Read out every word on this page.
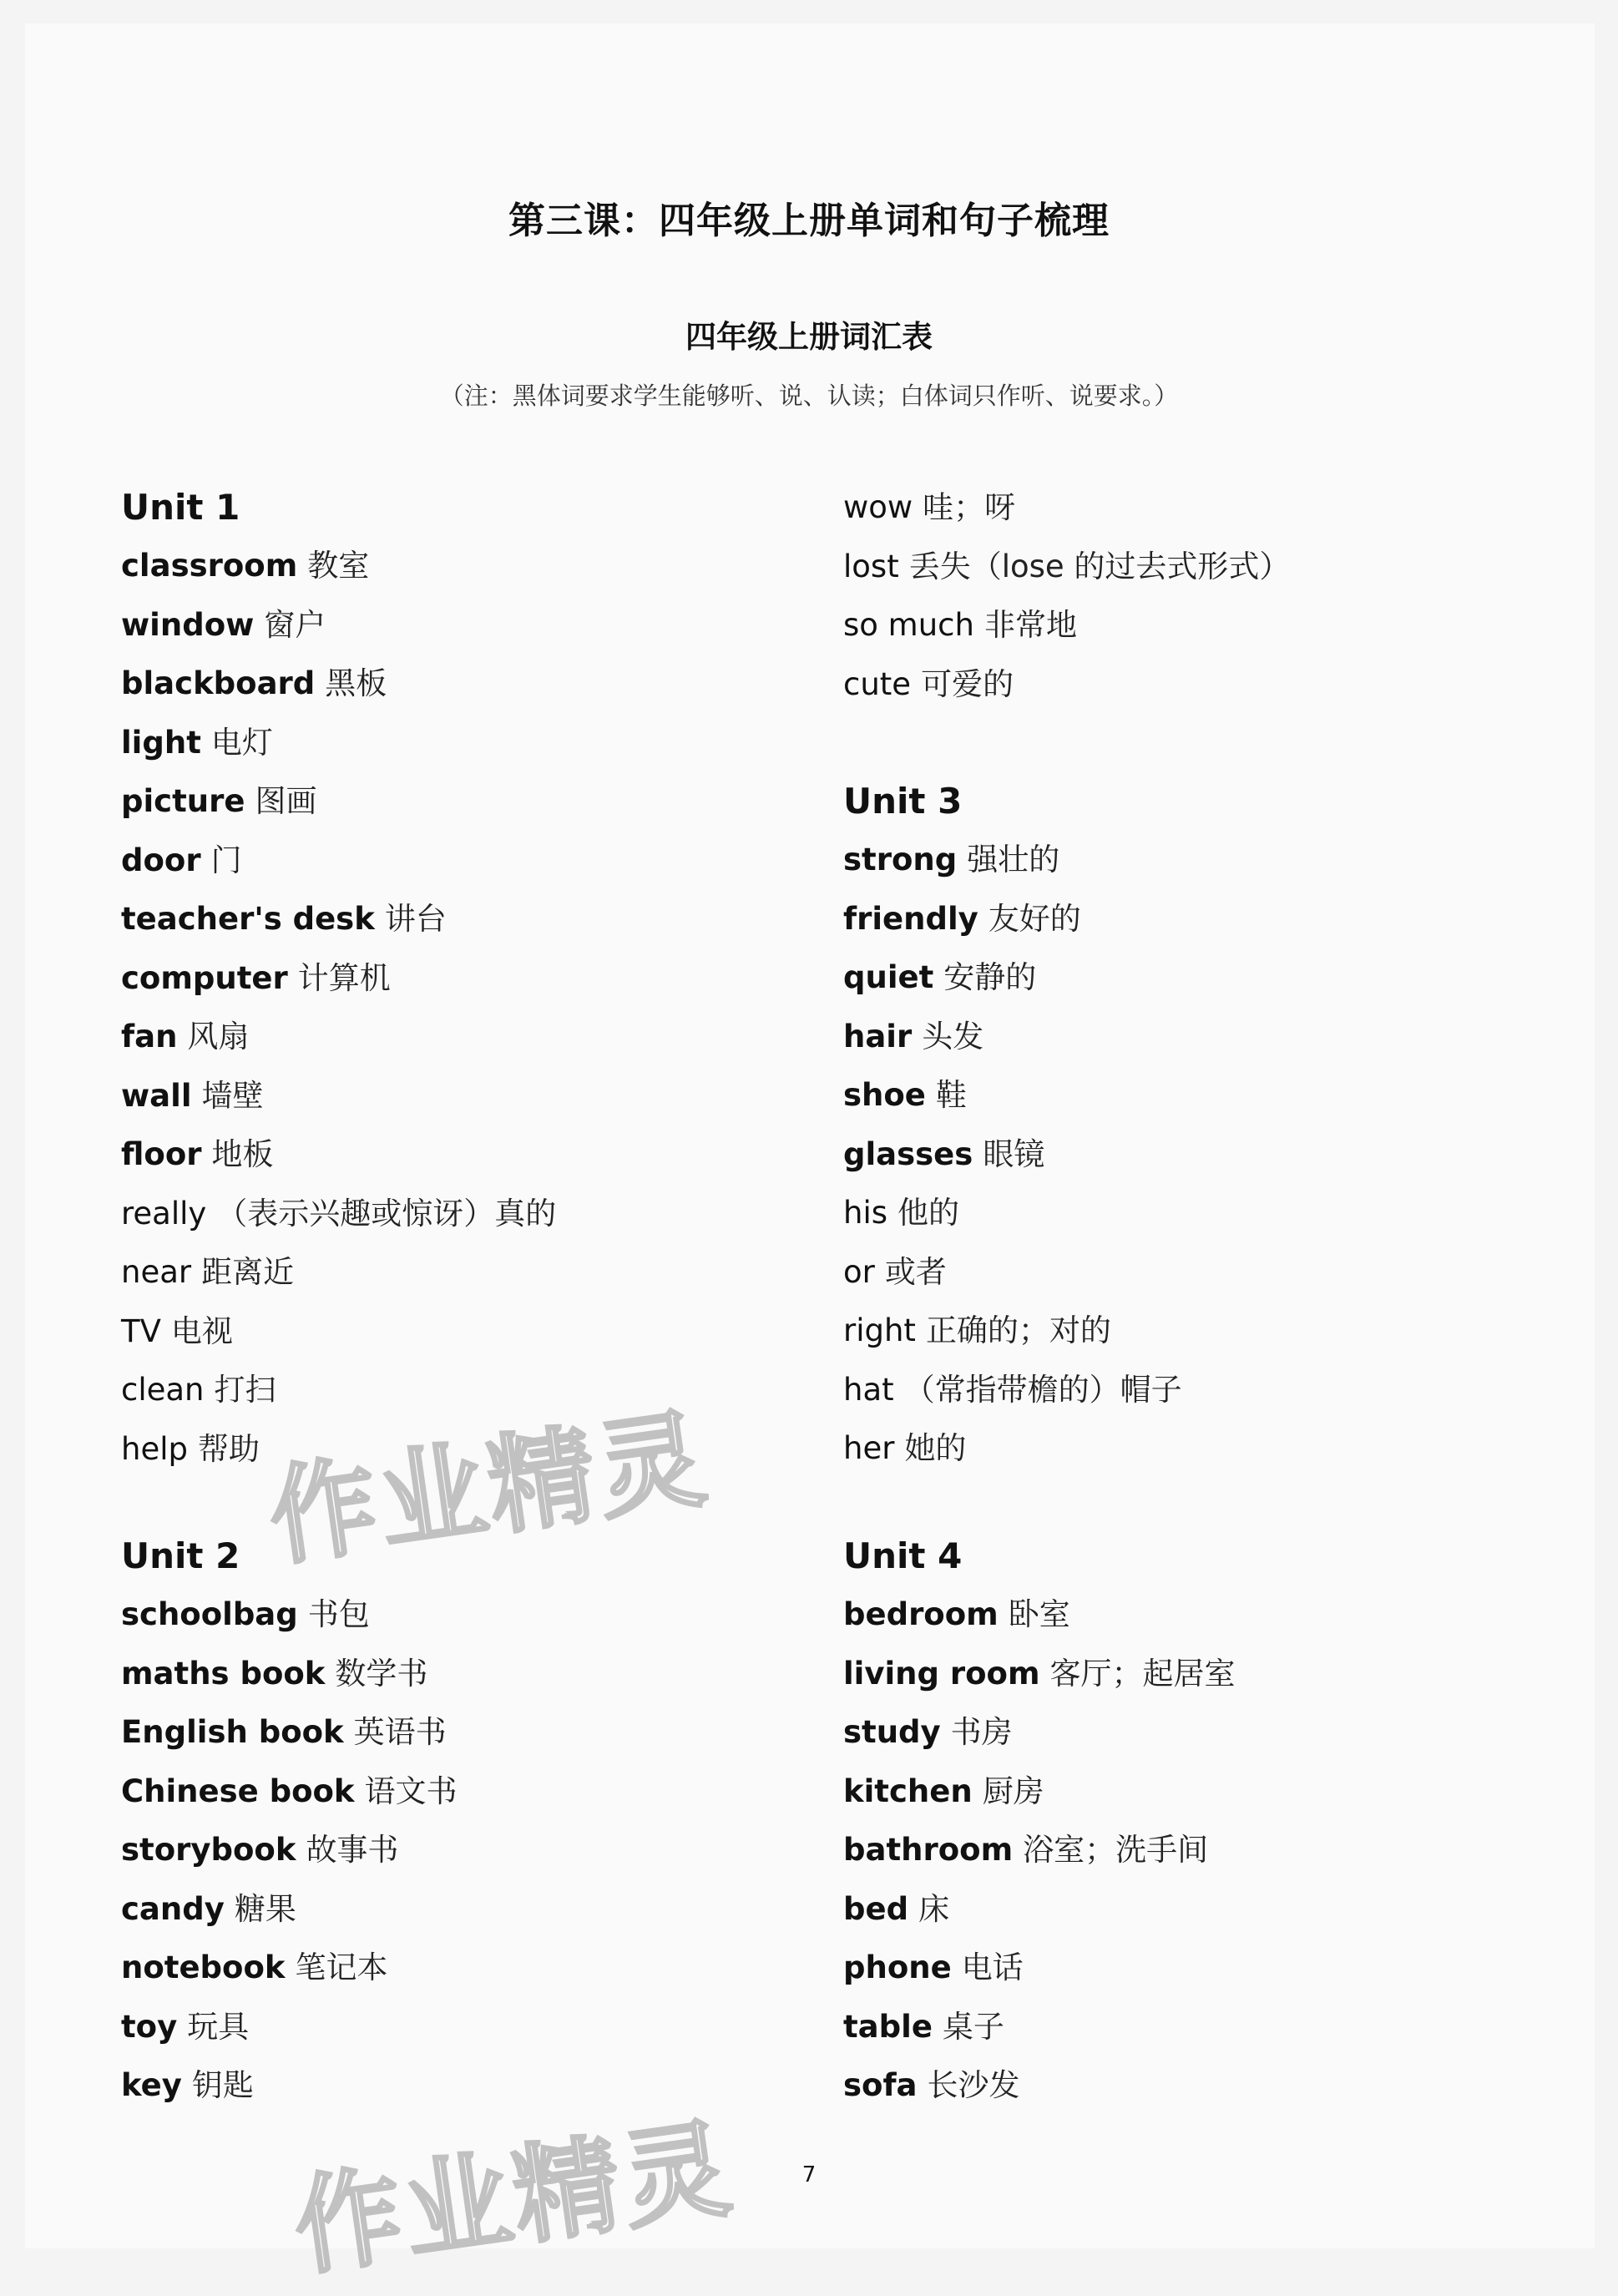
第三课：四年级上册单词和句子梳理
四年级上册词汇表
（注：黑体词要求学生能够听、说、认读；白体词只作听、说要求。）
Unit 1
classroom 教室
window 窗户
blackboard 黑板
light 电灯
picture 图画
door 门
teacher's desk 讲台
computer 计算机
fan 风扇
wall 墙壁
floor 地板
really （表示兴趣或惊讶）真的
near 距离近
TV 电视
clean 打扫
help 帮助
Unit 2
schoolbag 书包
maths book 数学书
English book 英语书
Chinese book 语文书
storybook 故事书
candy 糖果
notebook 笔记本
toy 玩具
key 钥匙
wow 哇；呀
lost 丢失（lose 的过去式形式）
so much 非常地
cute 可爱的
Unit 3
strong 强壮的
friendly 友好的
quiet 安静的
hair 头发
shoe 鞋
glasses 眼镜
his 他的
or 或者
right 正确的；对的
hat （常指带檐的）帽子
her 她的
Unit 4
bedroom 卧室
living room 客厅；起居室
study 书房
kitchen 厨房
bathroom 浴室；洗手间
bed 床
phone 电话
table 桌子
sofa 长沙发
作业精灵
作业精灵	7
